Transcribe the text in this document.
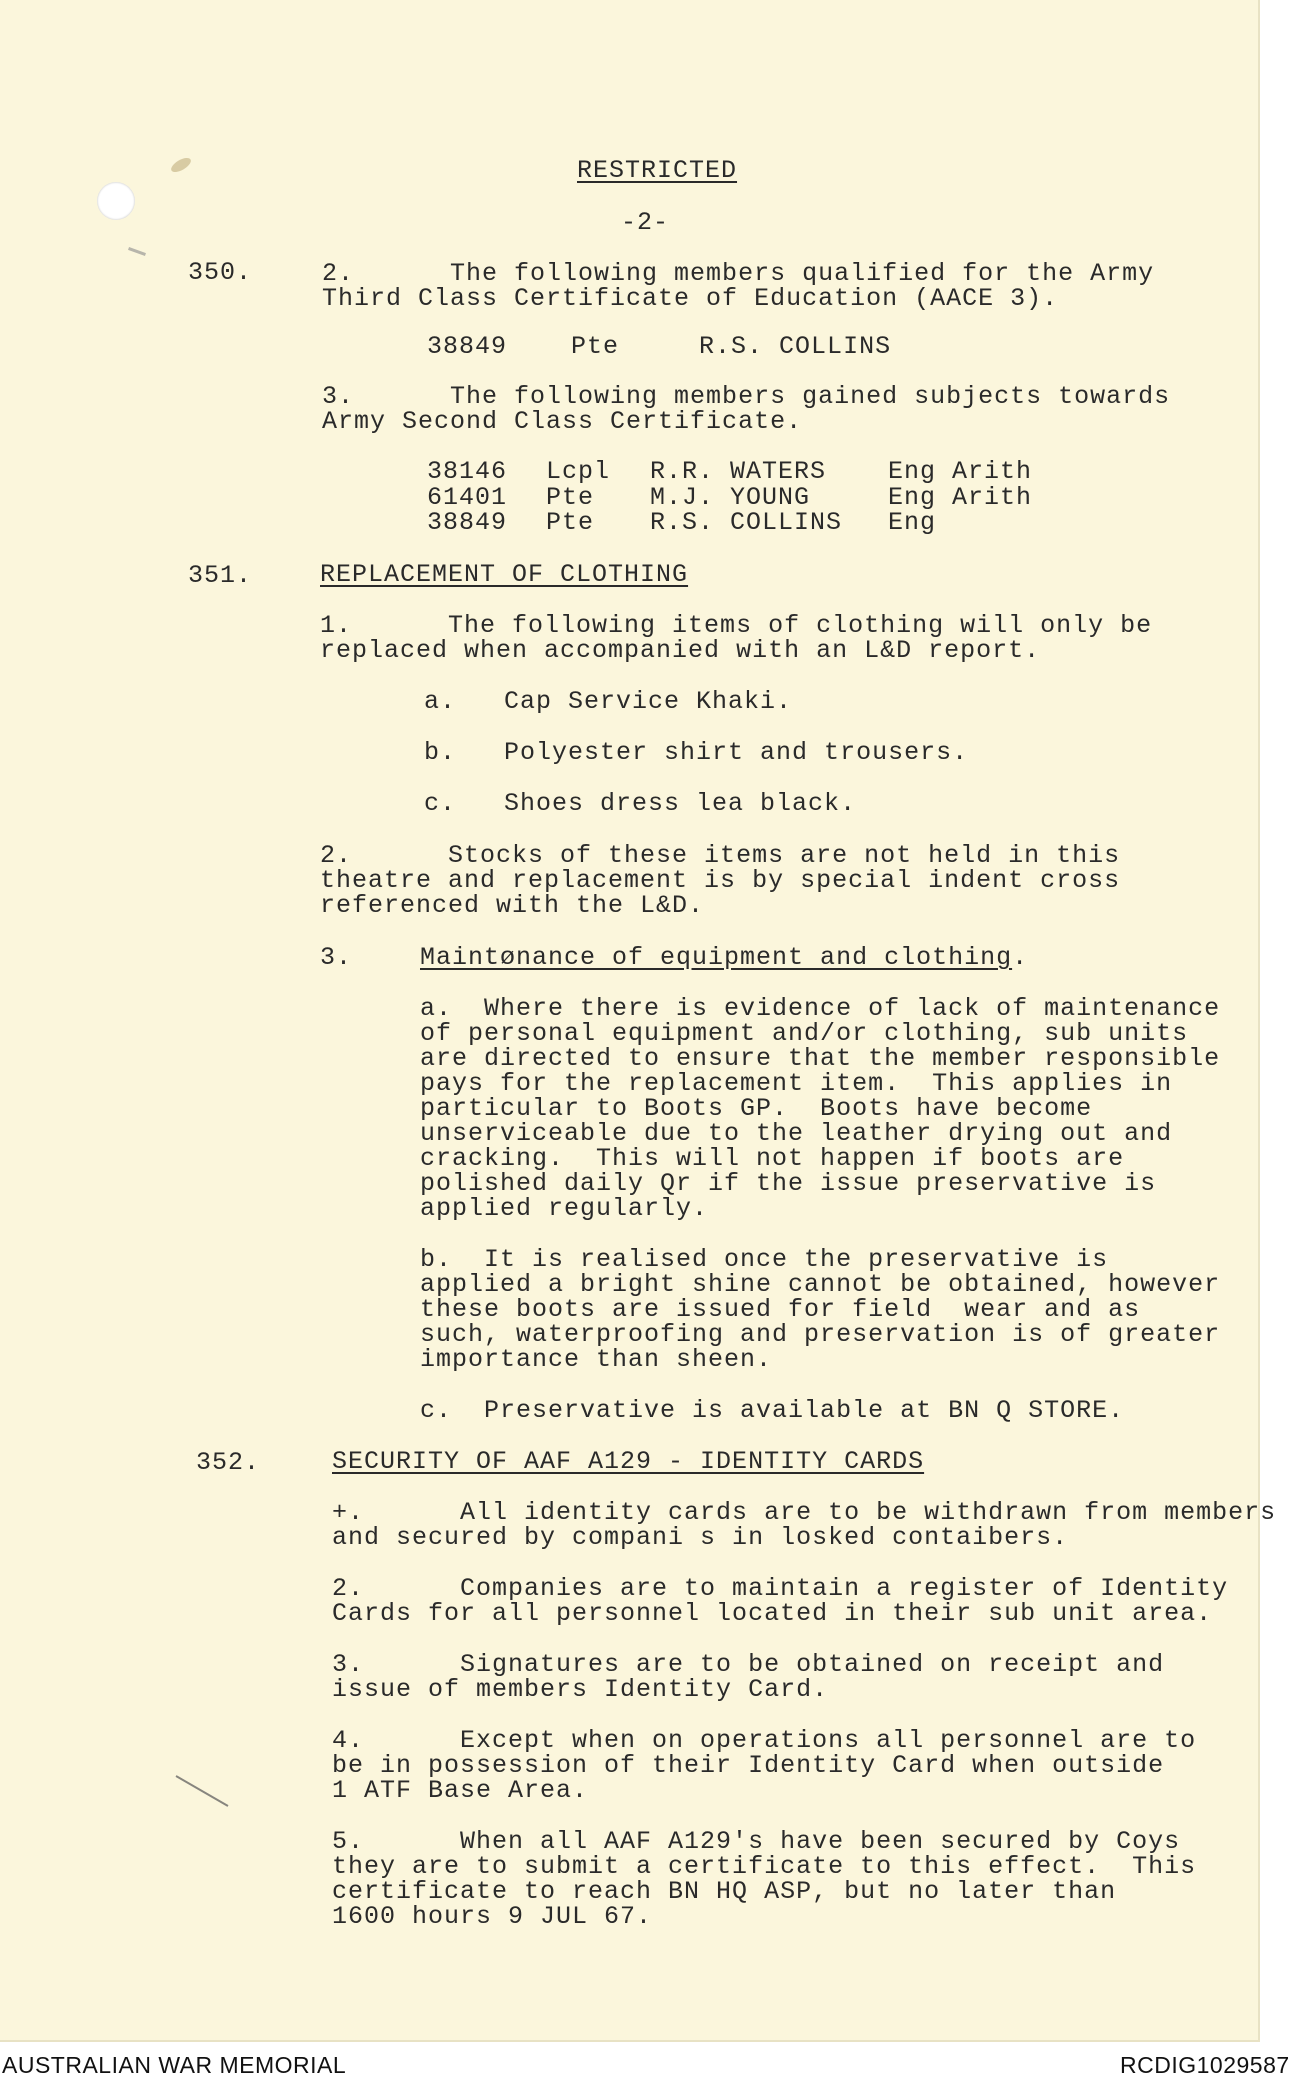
RESTRICTED
-2-
350.	2.      The following members qualified for the Army
Third Class Certificate of Education (AACE 3).
38849    Pte     R.S. COLLINS
3.      The following members gained subjects towards
Army Second Class Certificate.
38146 Lcpl R.R. WATERS Eng Arith
61401 Pte M.J. YOUNG	Eng Arith
38849 Pte R.S. COLLINS Eng
351.	REPLACEMENT OF CLOTHING
1.      The following items of clothing will only be
replaced when accompanied with an L&D report.
a.   Cap Service Khaki.
b.   Polyester shirt and trousers.
c.   Shoes dress lea black.
2.      Stocks of these items are not held in this
theatre and replacement is by special indent cross
referenced with the L&D.
3.	Maintønance of equipment and clothing.
a.  Where there is evidence of lack of maintenance
of personal equipment and/or clothing, sub units
are directed to ensure that the member responsible
pays for the replacement item.  This applies in
particular to Boots GP.  Boots have become
unserviceable due to the leather drying out and
cracking.  This will not happen if boots are
polished daily Qr if the issue preservative is
applied regularly.
b.  It is realised once the preservative is
applied a bright shine cannot be obtained, however
these boots are issued for field  wear and as
such, waterproofing and preservation is of greater
importance than sheen.
c.  Preservative is available at BN Q STORE.
352.	SECURITY OF AAF A129 - IDENTITY CARDS
+.      All identity cards are to be withdrawn from members
and secured by compani s in losked contaibers.
2.      Companies are to maintain a register of Identity
Cards for all personnel located in their sub unit area.
3.      Signatures are to be obtained on receipt and
issue of members Identity Card.
4.      Except when on operations all personnel are to
be in possession of their Identity Card when outside
1 ATF Base Area.
5.      When all AAF A129's have been secured by Coys
they are to submit a certificate to this effect.  This
certificate to reach BN HQ ASP, but no later than
1600 hours 9 JUL 67.
AUSTRALIAN WAR MEMORIAL	RCDIG1029587
